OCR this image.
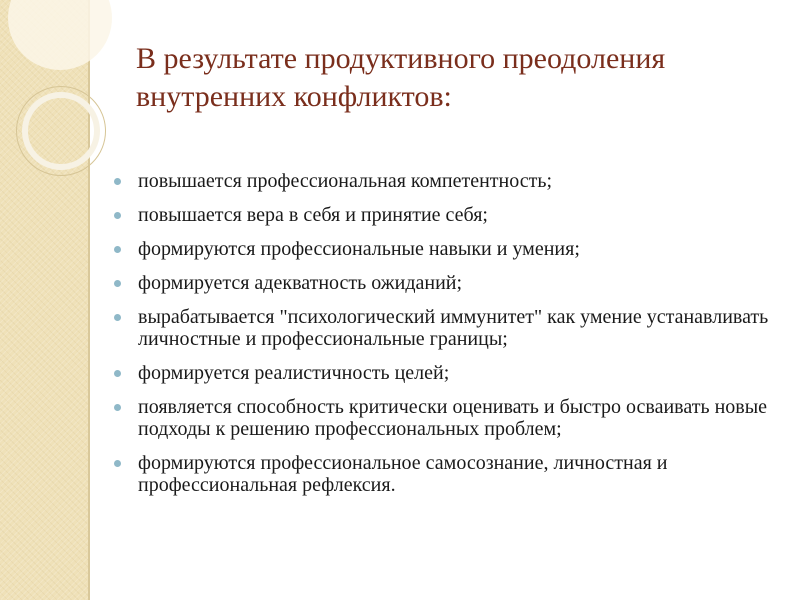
В результате продуктивного преодоления внутренних конфликтов:
повышается профессиональная компетентность;
повышается вера в себя и принятие себя;
формируются профессиональные навыки и умения;
формируется адекватность ожиданий;
вырабатывается "психологический иммунитет" как умение устанавливать личностные и профессиональные границы;
формируется реалистичность целей;
появляется способность критически оценивать и быстро осваивать новые подходы к решению профессиональных проблем;
формируются профессиональное самосознание, личностная и профессиональная рефлексия.
